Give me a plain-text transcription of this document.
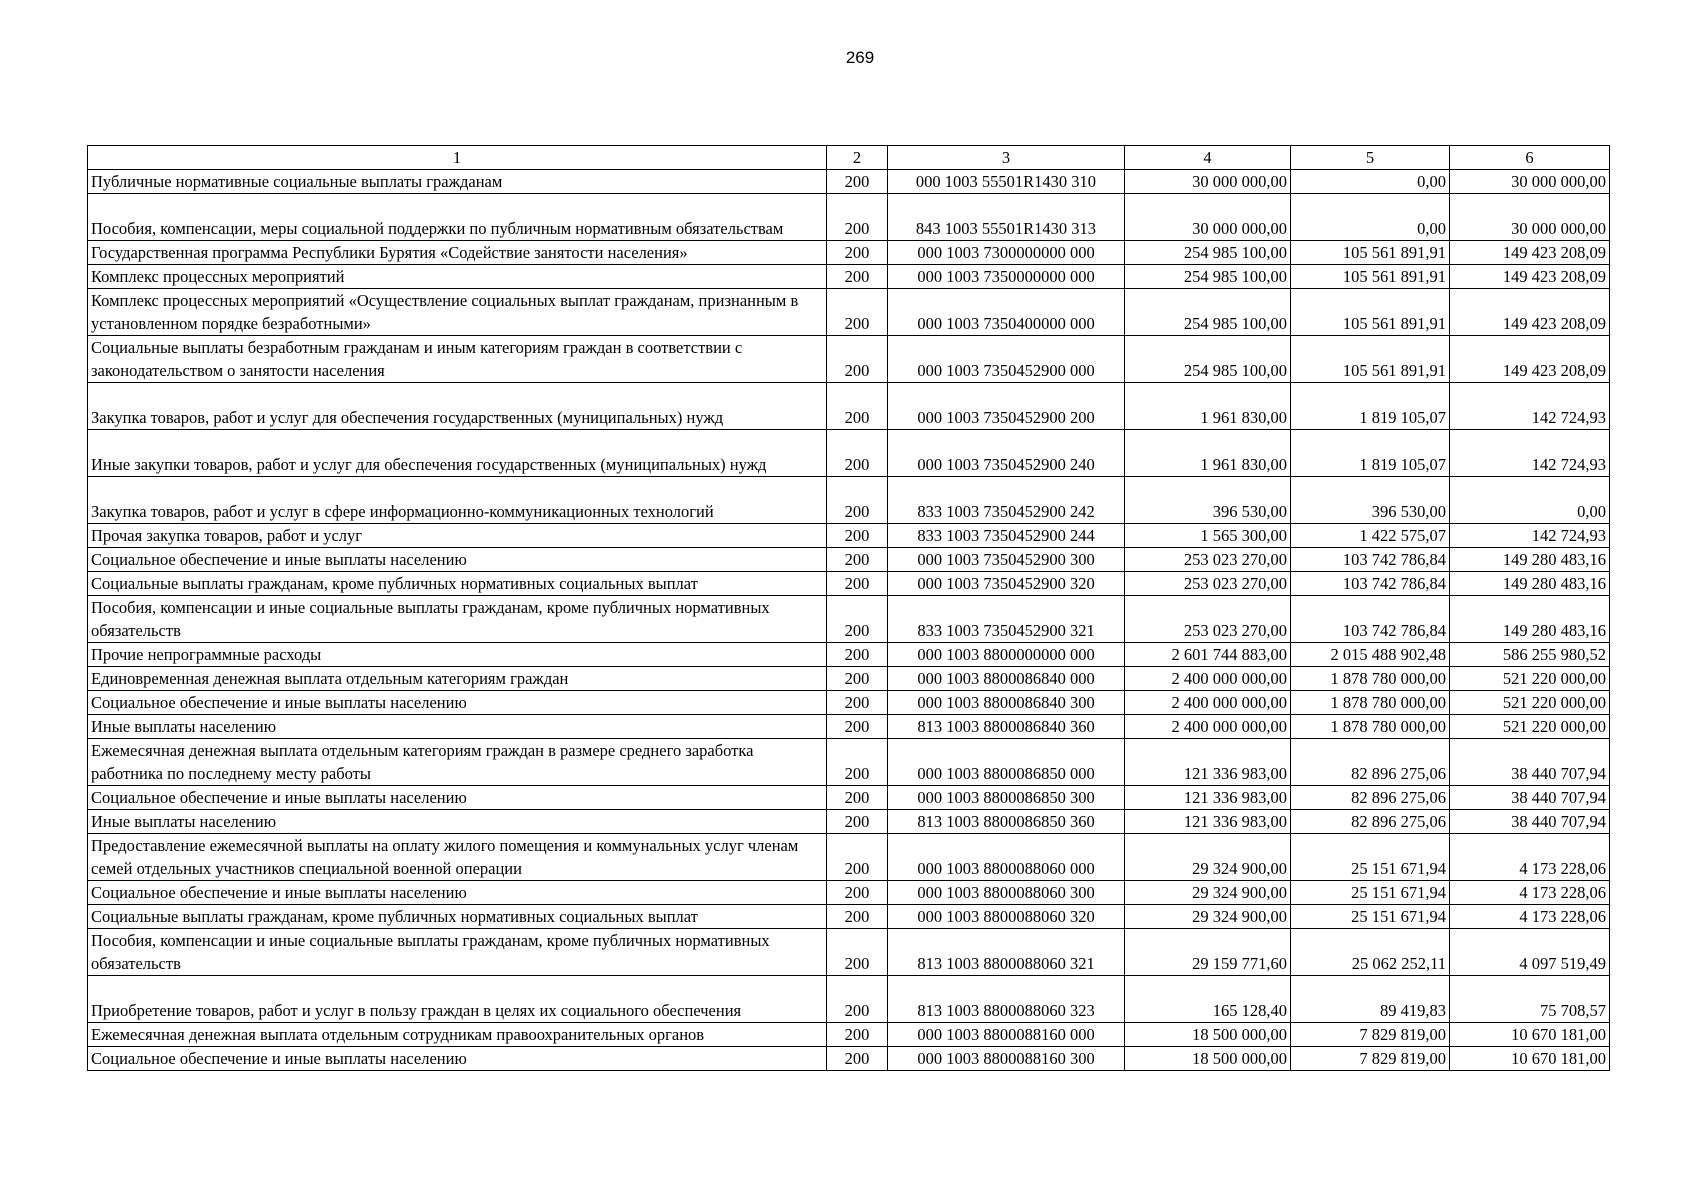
269
1	2	3	4	5	6
Публичные нормативные социальные выплаты гражданам	200	000 1003 55501R1430 310	30 000 000,00	0,00	30 000 000,00
Пособия, компенсации, меры социальной поддержки по публичным нормативным обязательствам	200	843 1003 55501R1430 313	30 000 000,00	0,00	30 000 000,00
Государственная программа Республики Бурятия «Содействие занятости населения»	200	000 1003 7300000000 000	254 985 100,00	105 561 891,91	149 423 208,09
Комплекс процессных мероприятий	200	000 1003 7350000000 000	254 985 100,00	105 561 891,91	149 423 208,09
Комплекс процессных мероприятий «Осуществление социальных выплат гражданам, признанным в установленном порядке безработными»	200	000 1003 7350400000 000	254 985 100,00	105 561 891,91	149 423 208,09
Социальные выплаты безработным гражданам и иным категориям граждан в соответствии с законодательством о занятости населения	200	000 1003 7350452900 000	254 985 100,00	105 561 891,91	149 423 208,09
Закупка товаров, работ и услуг для обеспечения государственных (муниципальных) нужд	200	000 1003 7350452900 200	1 961 830,00	1 819 105,07	142 724,93
Иные закупки товаров, работ и услуг для обеспечения государственных (муниципальных) нужд	200	000 1003 7350452900 240	1 961 830,00	1 819 105,07	142 724,93
Закупка товаров, работ и услуг в сфере информационно-коммуникационных технологий	200	833 1003 7350452900 242	396 530,00	396 530,00	0,00
Прочая закупка товаров, работ и услуг	200	833 1003 7350452900 244	1 565 300,00	1 422 575,07	142 724,93
Социальное обеспечение и иные выплаты населению	200	000 1003 7350452900 300	253 023 270,00	103 742 786,84	149 280 483,16
Социальные выплаты гражданам, кроме публичных нормативных социальных выплат	200	000 1003 7350452900 320	253 023 270,00	103 742 786,84	149 280 483,16
Пособия, компенсации и иные социальные выплаты гражданам, кроме публичных нормативных обязательств	200	833 1003 7350452900 321	253 023 270,00	103 742 786,84	149 280 483,16
Прочие непрограммные расходы	200	000 1003 8800000000 000	2 601 744 883,00	2 015 488 902,48	586 255 980,52
Единовременная денежная выплата отдельным категориям граждан	200	000 1003 8800086840 000	2 400 000 000,00	1 878 780 000,00	521 220 000,00
Социальное обеспечение и иные выплаты населению	200	000 1003 8800086840 300	2 400 000 000,00	1 878 780 000,00	521 220 000,00
Иные выплаты населению	200	813 1003 8800086840 360	2 400 000 000,00	1 878 780 000,00	521 220 000,00
Ежемесячная денежная выплата отдельным категориям граждан в размере среднего заработка работника по последнему месту работы	200	000 1003 8800086850 000	121 336 983,00	82 896 275,06	38 440 707,94
Социальное обеспечение и иные выплаты населению	200	000 1003 8800086850 300	121 336 983,00	82 896 275,06	38 440 707,94
Иные выплаты населению	200	813 1003 8800086850 360	121 336 983,00	82 896 275,06	38 440 707,94
Предоставление ежемесячной выплаты на оплату жилого помещения и коммунальных услуг членам семей отдельных участников специальной военной операции	200	000 1003 8800088060 000	29 324 900,00	25 151 671,94	4 173 228,06
Социальное обеспечение и иные выплаты населению	200	000 1003 8800088060 300	29 324 900,00	25 151 671,94	4 173 228,06
Социальные выплаты гражданам, кроме публичных нормативных социальных выплат	200	000 1003 8800088060 320	29 324 900,00	25 151 671,94	4 173 228,06
Пособия, компенсации и иные социальные выплаты гражданам, кроме публичных нормативных обязательств	200	813 1003 8800088060 321	29 159 771,60	25 062 252,11	4 097 519,49
Приобретение товаров, работ и услуг в пользу граждан в целях их социального обеспечения	200	813 1003 8800088060 323	165 128,40	89 419,83	75 708,57
Ежемесячная денежная выплата отдельным сотрудникам правоохранительных органов	200	000 1003 8800088160 000	18 500 000,00	7 829 819,00	10 670 181,00
Социальное обеспечение и иные выплаты населению	200	000 1003 8800088160 300	18 500 000,00	7 829 819,00	10 670 181,00
